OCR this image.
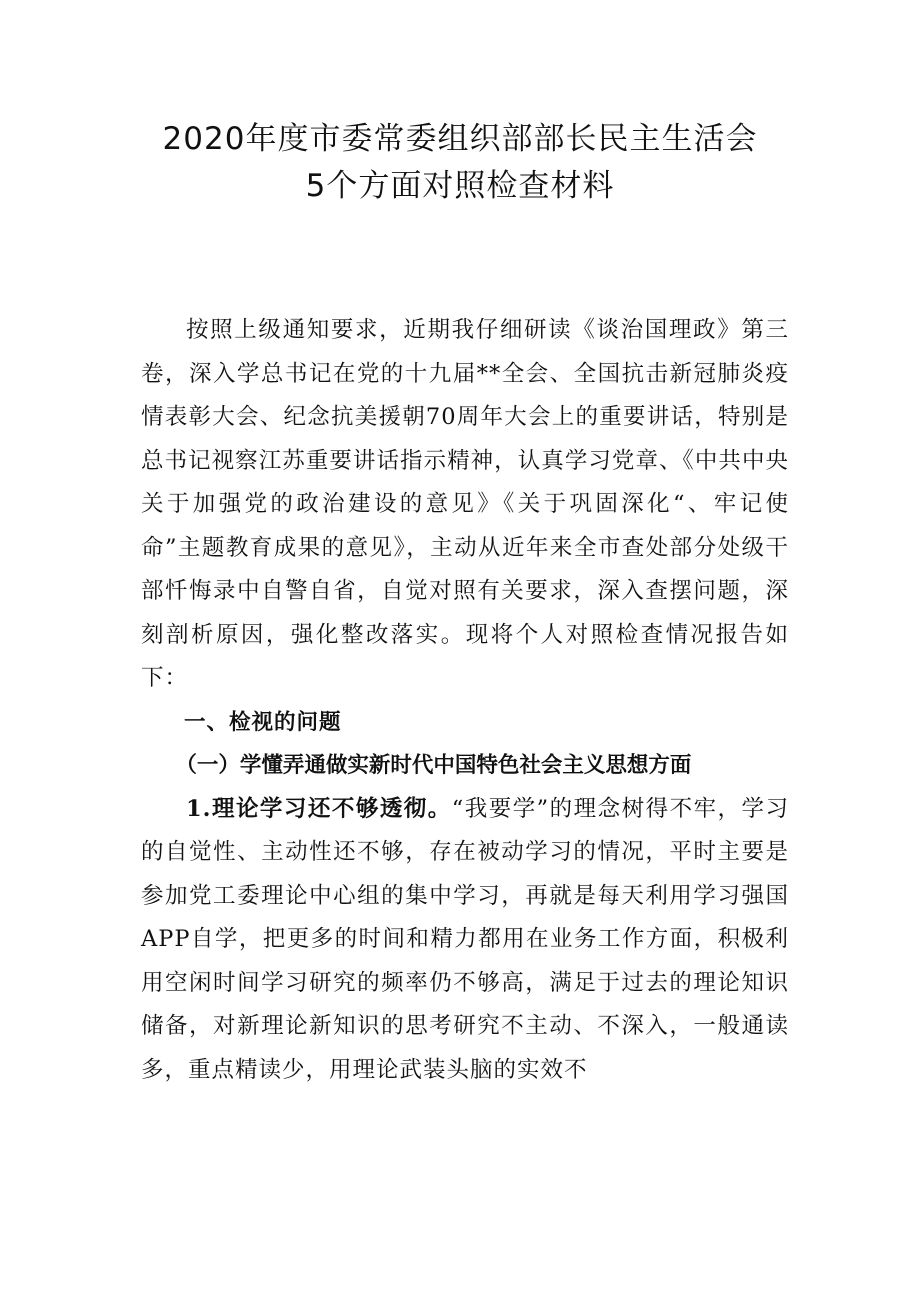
2020年度市委常委组织部部长民主生活会
5个方面对照检查材料

按照上级通知要求，近期我仔细研读《谈治国理政》第三卷，深入学总书记在党的十九届**全会、全国抗击新冠肺炎疫情表彰大会、纪念抗美援朝70周年大会上的重要讲话，特别是总书记视察江苏重要讲话指示精神，认真学习党章、《中共中央关于加强党的政治建设的意见》《关于巩固深化“、牢记使命”主题教育成果的意见》，主动从近年来全市查处部分处级干部忏悔录中自警自省，自觉对照有关要求，深入查摆问题，深刻剖析原因，强化整改落实。现将个人对照检查情况报告如下：

一、检视的问题

（一）学懂弄通做实新时代中国特色社会主义思想方面

1.理论学习还不够透彻。“我要学”的理念树得不牢，学习的自觉性、主动性还不够，存在被动学习的情况，平时主要是参加党工委理论中心组的集中学习，再就是每天利用学习强国APP自学，把更多的时间和精力都用在业务工作方面，积极利用空闲时间学习研究的频率仍不够高，满足于过去的理论知识储备，对新理论新知识的思考研究不主动、不深入，一般通读多，重点精读少，用理论武装头脑的实效不
